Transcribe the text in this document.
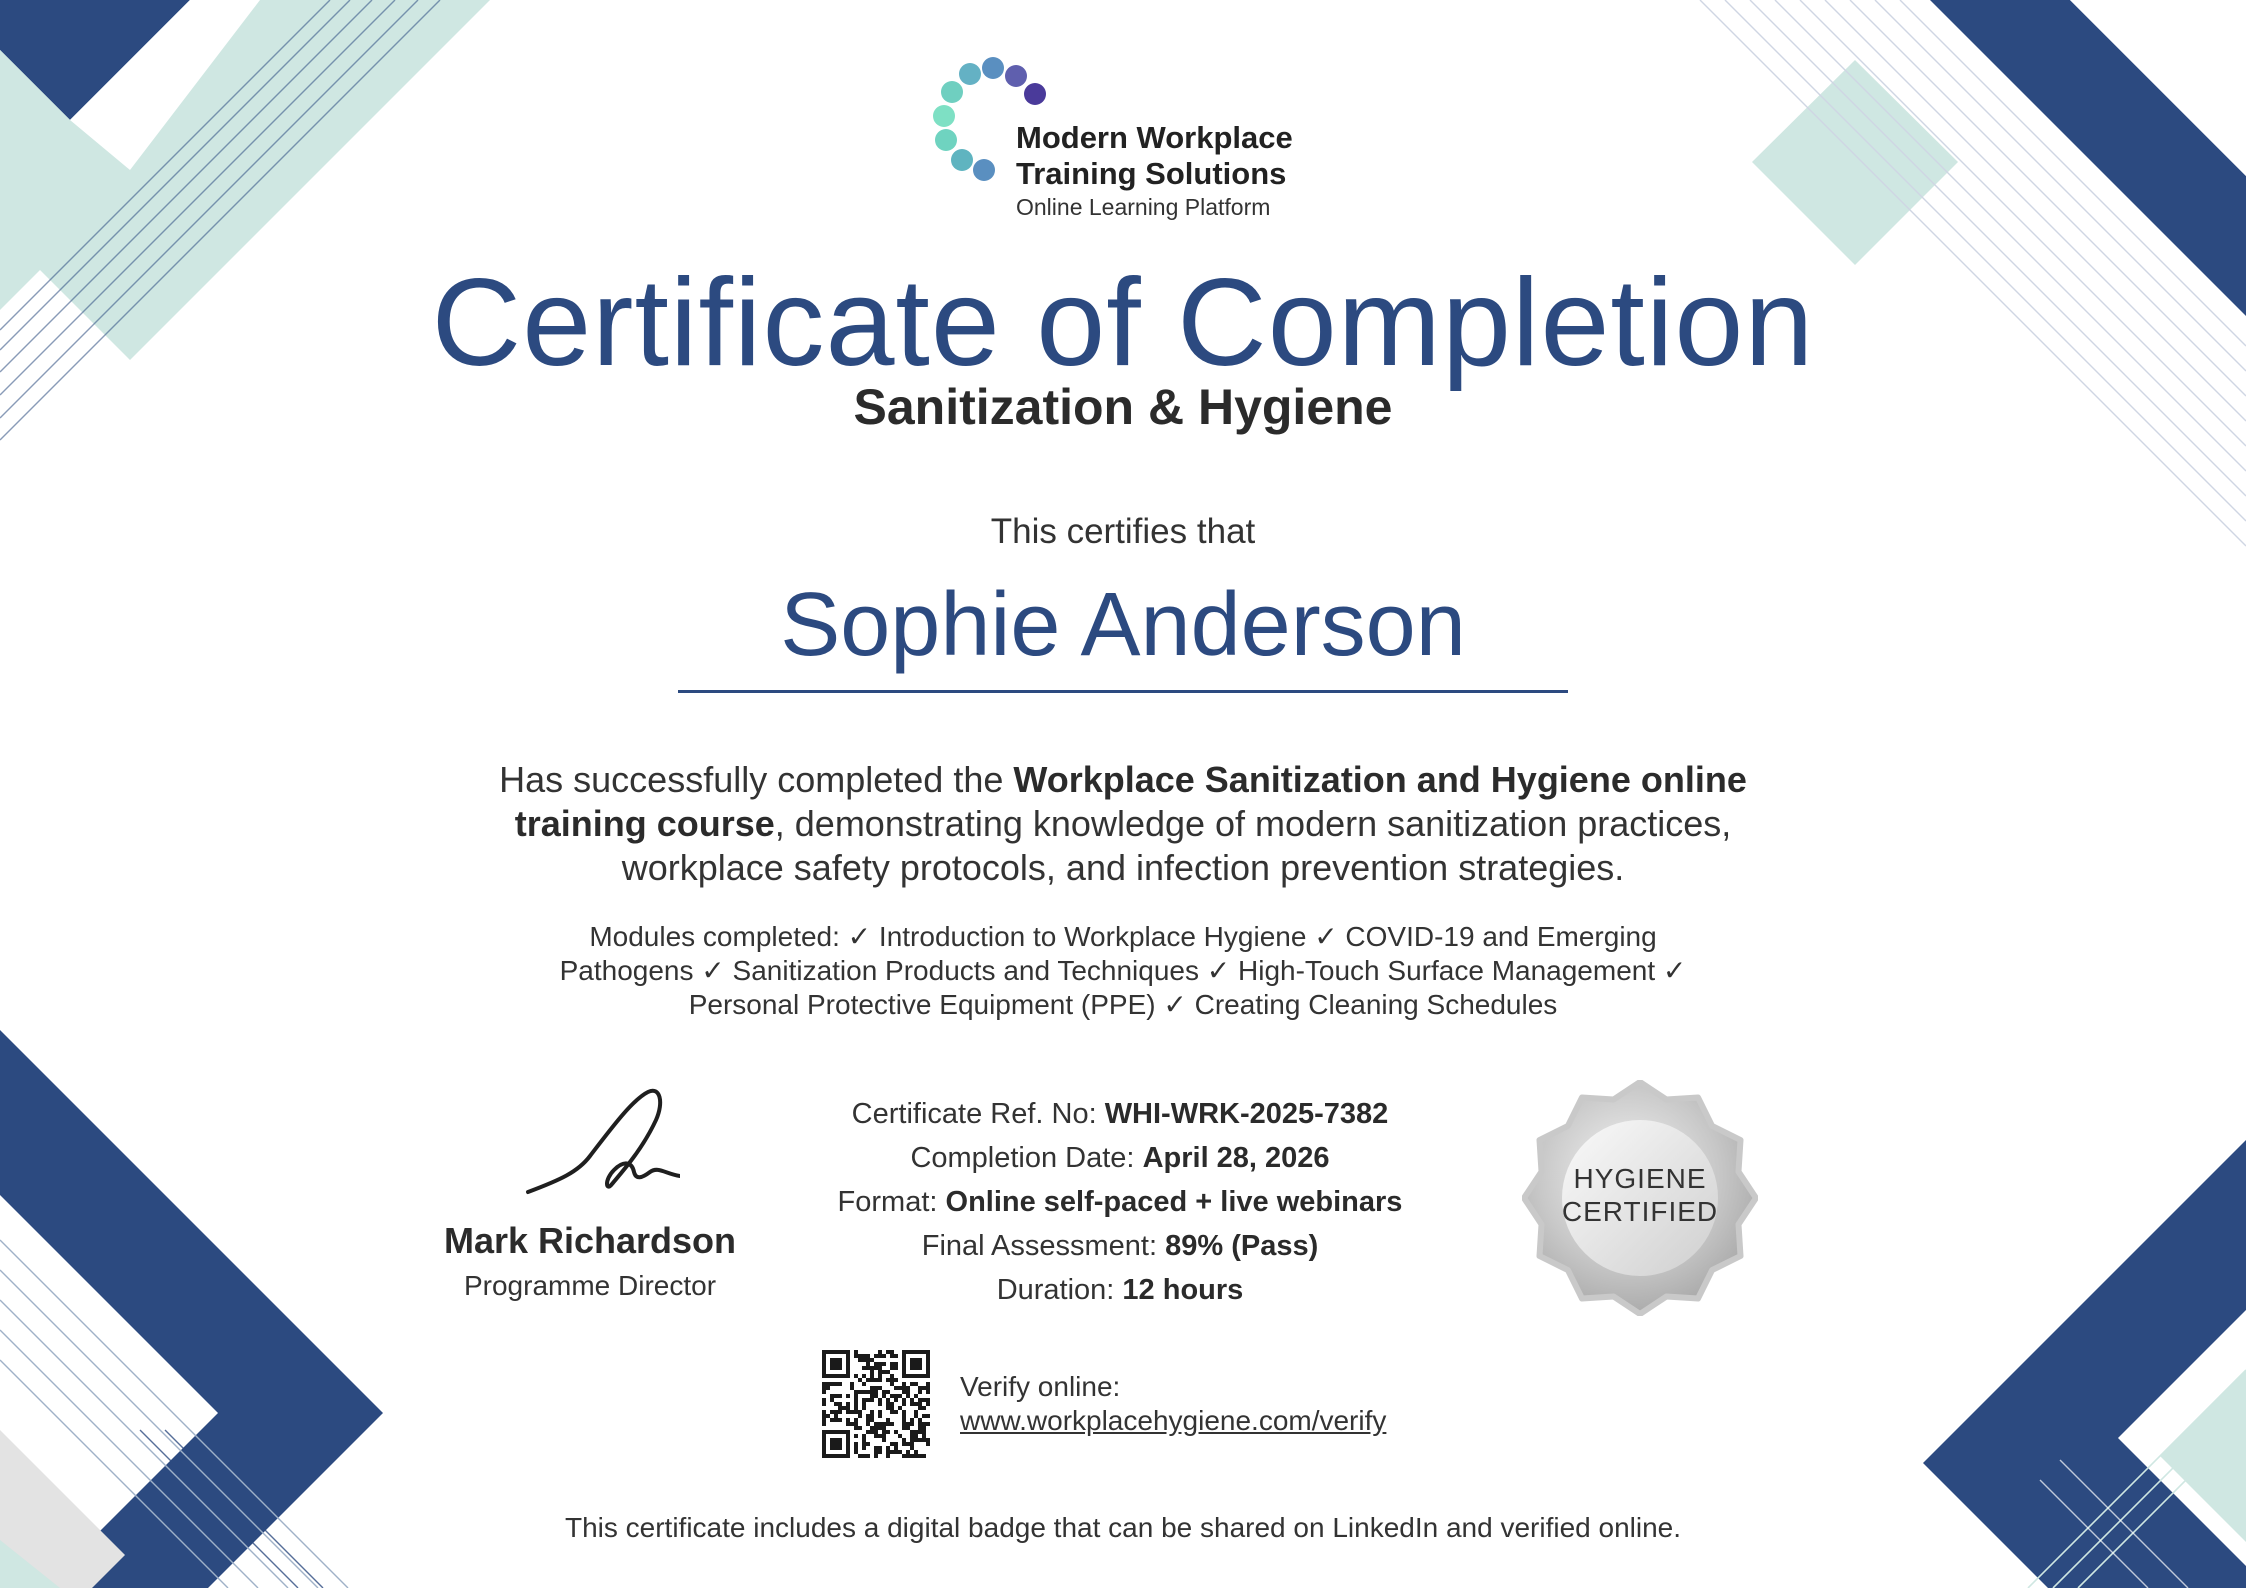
Modern Workplace
Training Solutions
Online Learning Platform
Certificate of Completion
Sanitization & Hygiene
This certifies that
Sophie Anderson
Has successfully completed the Workplace Sanitization and Hygiene online training course, demonstrating knowledge of modern sanitization practices, workplace safety protocols, and infection prevention strategies.
Modules completed: ✓ Introduction to Workplace Hygiene ✓ COVID-19 and Emerging Pathogens ✓ Sanitization Products and Techniques ✓ High-Touch Surface Management ✓ Personal Protective Equipment (PPE) ✓ Creating Cleaning Schedules
Mark Richardson
Programme Director
Certificate Ref. No: WHI-WRK-2025-7382
Completion Date: April 28, 2026
Format: Online self-paced + live webinars
Final Assessment: 89% (Pass)
Duration: 12 hours
HYGIENE
CERTIFIED
Verify online:
www.workplacehygiene.com/verify
This certificate includes a digital badge that can be shared on LinkedIn and verified online.
